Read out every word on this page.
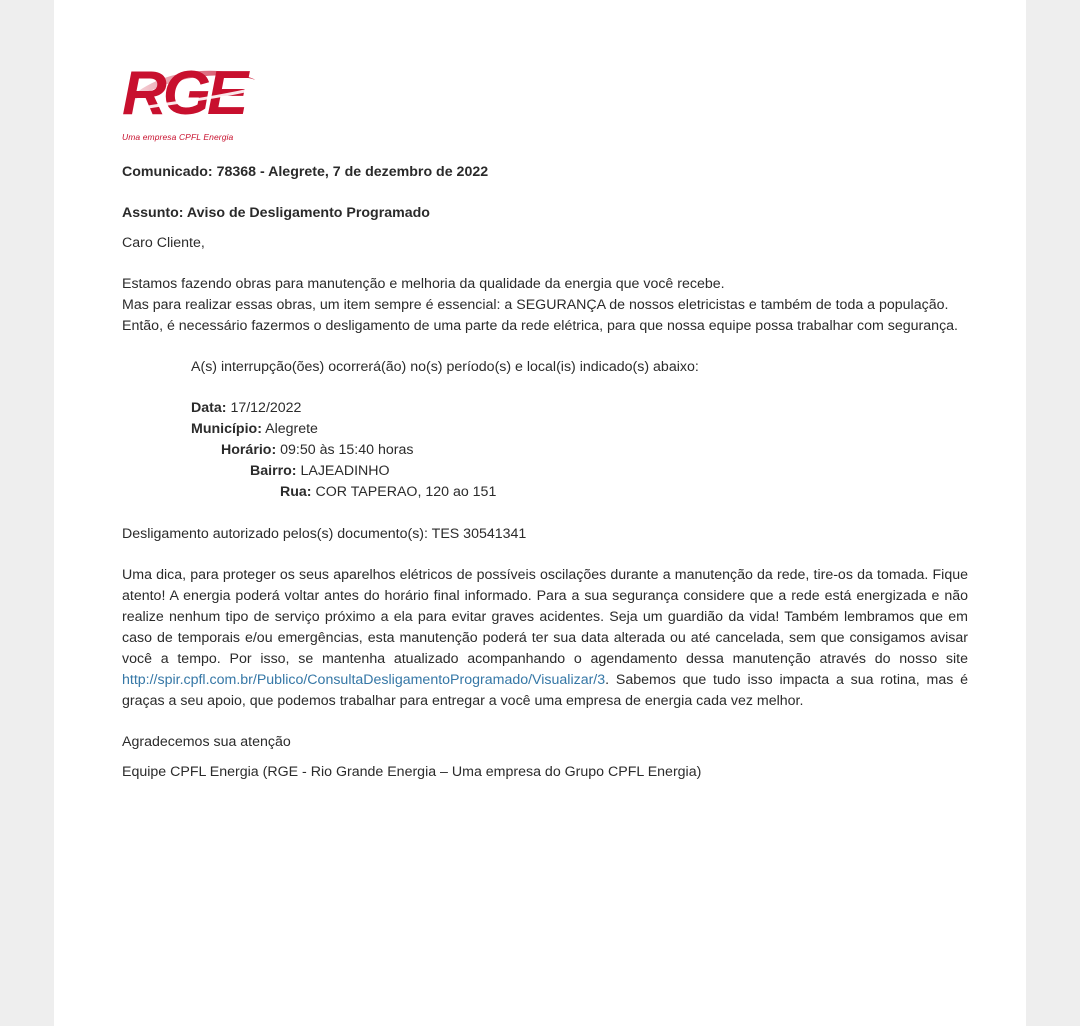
RGE
Uma empresa CPFL Energia

Comunicado: 78368 - Alegrete, 7 de dezembro de 2022

Assunto: Aviso de Desligamento Programado

Caro Cliente,

Estamos fazendo obras para manutenção e melhoria da qualidade da energia que você recebe.

Mas para realizar essas obras, um item sempre é essencial: a SEGURANÇA de nossos eletricistas e também de toda a população.

Então, é necessário fazermos o desligamento de uma parte da rede elétrica, para que nossa equipe possa trabalhar com segurança.

A(s) interrupção(ões) ocorrerá(ão) no(s) período(s) e local(is) indicado(s) abaixo:

Data: 17/12/2022
Município: Alegrete
Horário: 09:50 às 15:40 horas
Bairro: LAJEADINHO
Rua: COR TAPERAO, 120 ao 151

Desligamento autorizado pelos(s) documento(s): TES 30541341

Uma dica, para proteger os seus aparelhos elétricos de possíveis oscilações durante a manutenção da rede, tire-os da tomada. Fique atento! A energia poderá voltar antes do horário final informado. Para a sua segurança considere que a rede está energizada e não realize nenhum tipo de serviço próximo a ela para evitar graves acidentes. Seja um guardião da vida! Também lembramos que em caso de temporais e/ou emergências, esta manutenção poderá ter sua data alterada ou até cancelada, sem que consigamos avisar você a tempo. Por isso, se mantenha atualizado acompanhando o agendamento dessa manutenção através do nosso site http://spir.cpfl.com.br/Publico/ConsultaDesligamentoProgramado/Visualizar/3. Sabemos que tudo isso impacta a sua rotina, mas é graças a seu apoio, que podemos trabalhar para entregar a você uma empresa de energia cada vez melhor.

Agradecemos sua atenção

Equipe CPFL Energia (RGE - Rio Grande Energia – Uma empresa do Grupo CPFL Energia)
